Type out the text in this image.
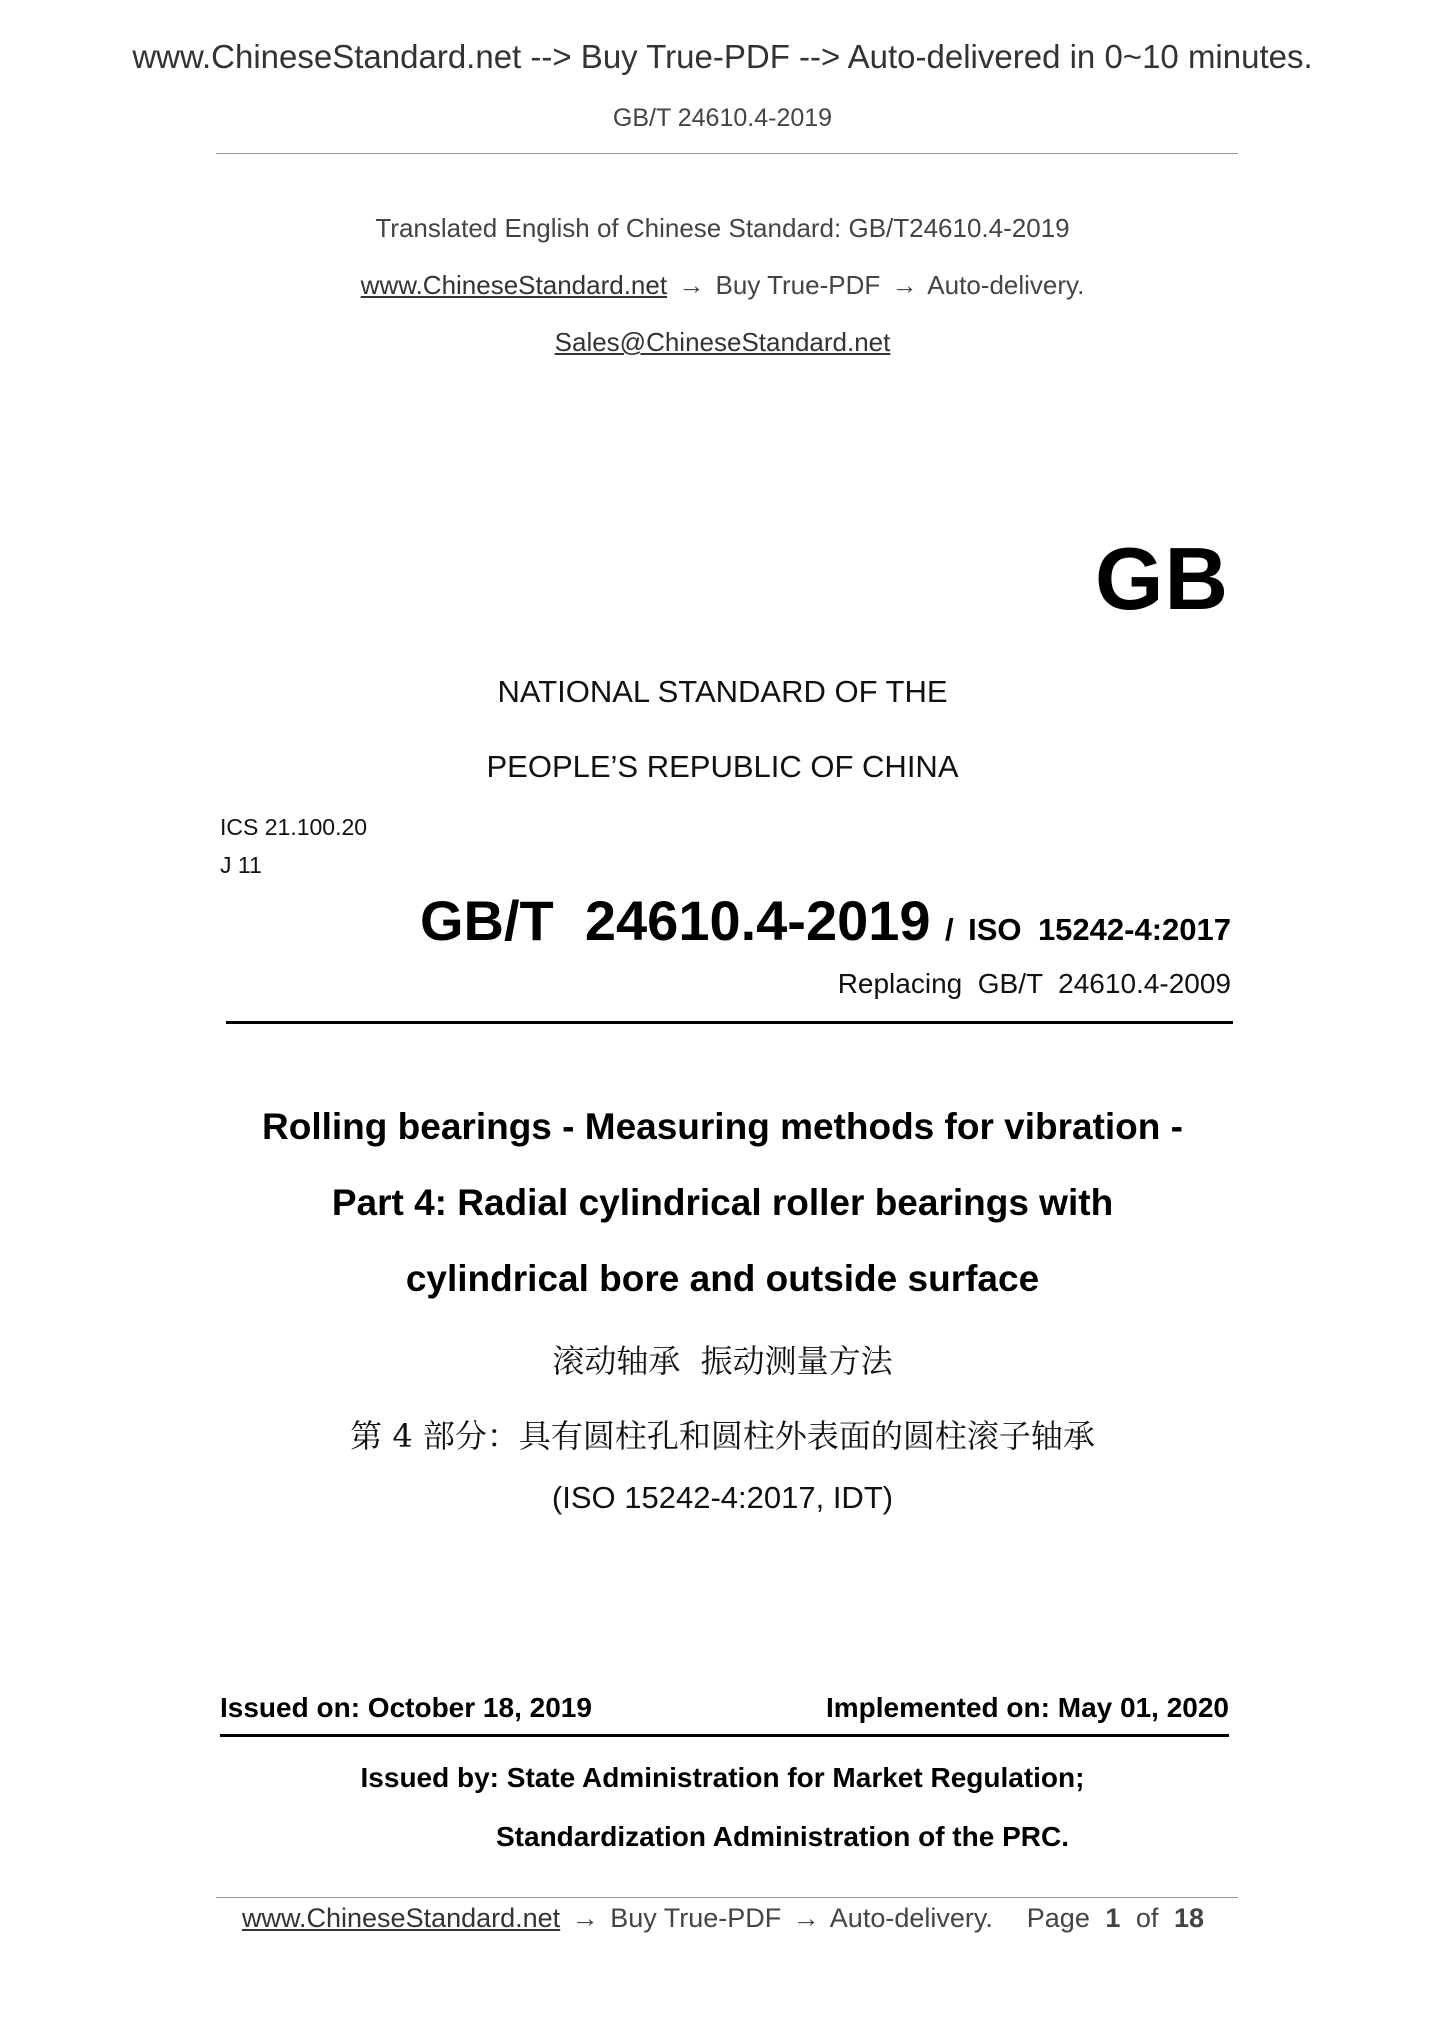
www.ChineseStandard.net --> Buy True-PDF --> Auto-delivered in 0~10 minutes.
GB/T 24610.4-2019
Translated English of Chinese Standard: GB/T24610.4-2019
www.ChineseStandard.net → Buy True-PDF → Auto-delivery.
Sales@ChineseStandard.net
GB
NATIONAL STANDARD OF THE
PEOPLE’S REPUBLIC OF CHINA
ICS 21.100.20
J 11
GB/T  24610.4-2019 / ISO 15242-4:2017
Replacing  GB/T  24610.4-2009
Rolling bearings - Measuring methods for vibration -
Part 4: Radial cylindrical roller bearings with
cylindrical bore and outside surface
滚动轴承  振动测量方法
第 4 部分：具有圆柱孔和圆柱外表面的圆柱滚子轴承
(ISO 15242-4:2017, IDT)
Issued on: October 18, 2019	Implemented on: May 01, 2020
Issued by: State Administration for Market Regulation;
Standardization Administration of the PRC.
www.ChineseStandard.net → Buy True-PDF → Auto-delivery. Page 1 of 18
